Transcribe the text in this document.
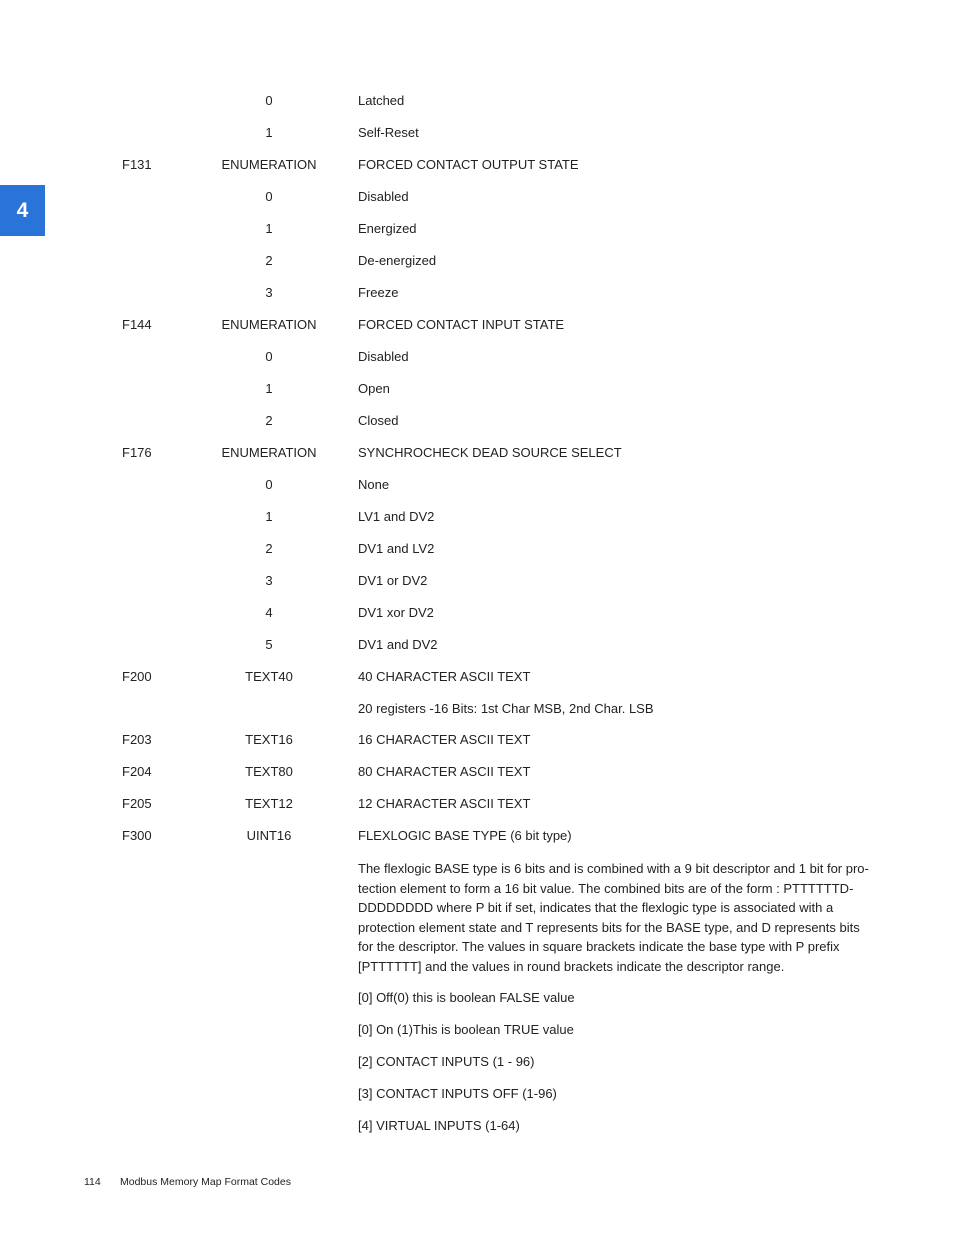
4
0	Latched
1	Self-Reset
F131	ENUMERATION	FORCED CONTACT OUTPUT STATE
0	Disabled
1	Energized
2	De-energized
3	Freeze
F144	ENUMERATION	FORCED CONTACT INPUT STATE
0	Disabled
1	Open
2	Closed
F176	ENUMERATION	SYNCHROCHECK DEAD SOURCE SELECT
0	None
1	LV1 and DV2
2	DV1 and LV2
3	DV1 or DV2
4	DV1 xor DV2
5	DV1 and DV2
F200	TEXT40	40 CHARACTER ASCII TEXT
20 registers -16 Bits: 1st Char MSB, 2nd Char. LSB
F203	TEXT16	16 CHARACTER ASCII TEXT
F204	TEXT80	80 CHARACTER ASCII TEXT
F205	TEXT12	12 CHARACTER ASCII TEXT
F300	UINT16	FLEXLOGIC BASE TYPE (6 bit type)
The flexlogic BASE type is 6 bits and is combined with a 9 bit descriptor and 1 bit for pro-
tection element to form a 16 bit value. The combined bits are of the form : PTTTTTTD-
DDDDDDDD where P bit if set, indicates that the flexlogic type is associated with a
protection element state and T represents bits for the BASE type, and D represents bits
for the descriptor. The values in square brackets indicate the base type with P prefix
[PTTTTTT] and the values in round brackets indicate the descriptor range.
[0] Off(0) this is boolean FALSE value
[0] On (1)This is boolean TRUE value
[2] CONTACT INPUTS (1 - 96)
[3] CONTACT INPUTS OFF (1-96)
[4] VIRTUAL INPUTS (1-64)
114 Modbus Memory Map Format Codes
